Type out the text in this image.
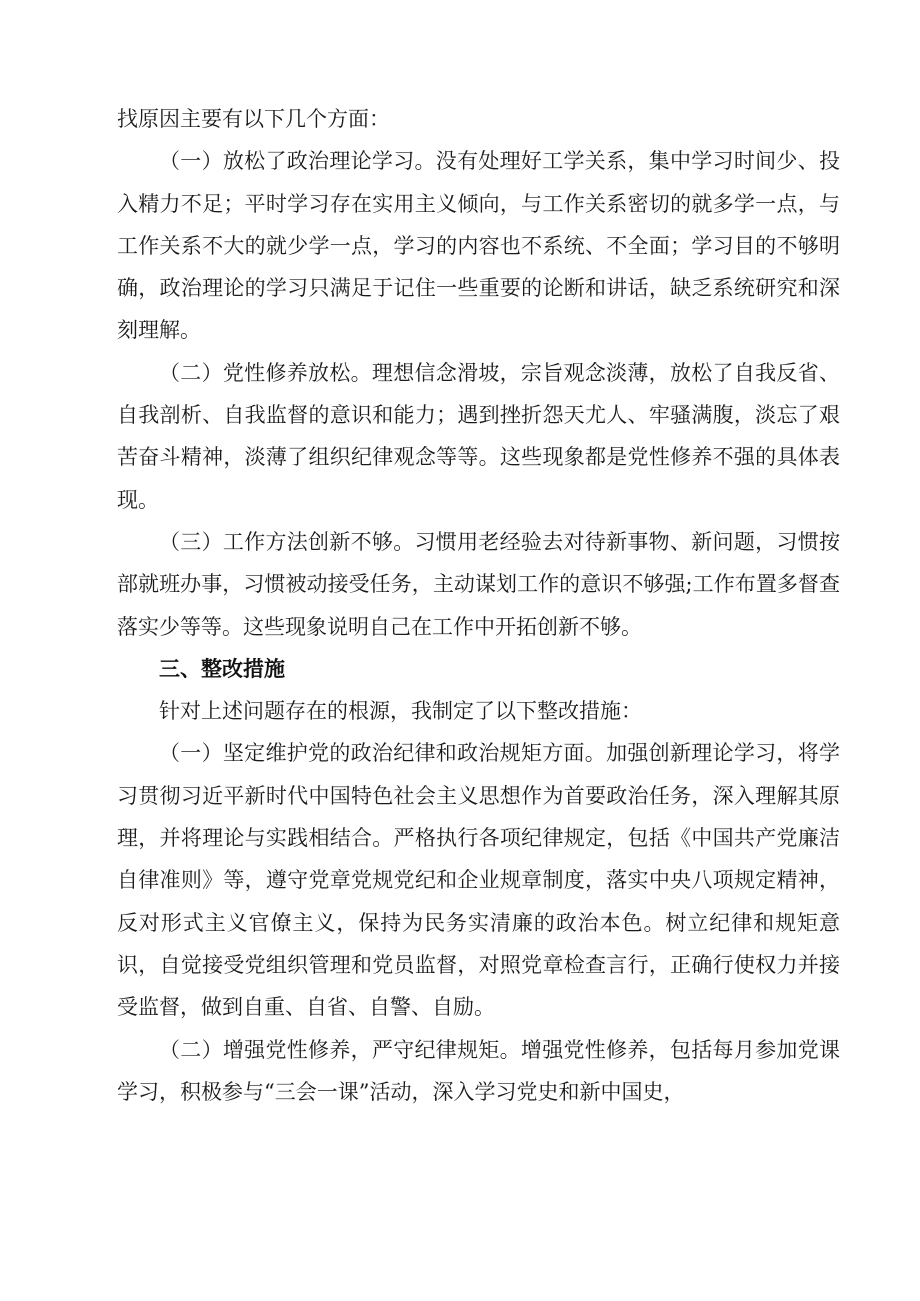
找原因主要有以下几个方面：

（一）放松了政治理论学习。没有处理好工学关系，集中学习时间少、投入精力不足；平时学习存在实用主义倾向，与工作关系密切的就多学一点，与工作关系不大的就少学一点，学习的内容也不系统、不全面；学习目的不够明确，政治理论的学习只满足于记住一些重要的论断和讲话，缺乏系统研究和深刻理解。

（二）党性修养放松。理想信念滑坡，宗旨观念淡薄，放松了自我反省、自我剖析、自我监督的意识和能力；遇到挫折怨天尤人、牢骚满腹，淡忘了艰苦奋斗精神，淡薄了组织纪律观念等等。这些现象都是党性修养不强的具体表现。

（三）工作方法创新不够。习惯用老经验去对待新事物、新问题，习惯按部就班办事，习惯被动接受任务，主动谋划工作的意识不够强;工作布置多督查落实少等等。这些现象说明自己在工作中开拓创新不够。

三、整改措施

针对上述问题存在的根源，我制定了以下整改措施：

（一）坚定维护党的政治纪律和政治规矩方面。加强创新理论学习，将学习贯彻习近平新时代中国特色社会主义思想作为首要政治任务，深入理解其原理，并将理论与实践相结合。严格执行各项纪律规定，包括《中国共产党廉洁自律准则》等，遵守党章党规党纪和企业规章制度，落实中央八项规定精神，反对形式主义官僚主义，保持为民务实清廉的政治本色。树立纪律和规矩意识，自觉接受党组织管理和党员监督，对照党章检查言行，正确行使权力并接受监督，做到自重、自省、自警、自励。

（二）增强党性修养，严守纪律规矩。增强党性修养，包括每月参加党课学习，积极参与“三会一课”活动，深入学习党史和新中国史，
